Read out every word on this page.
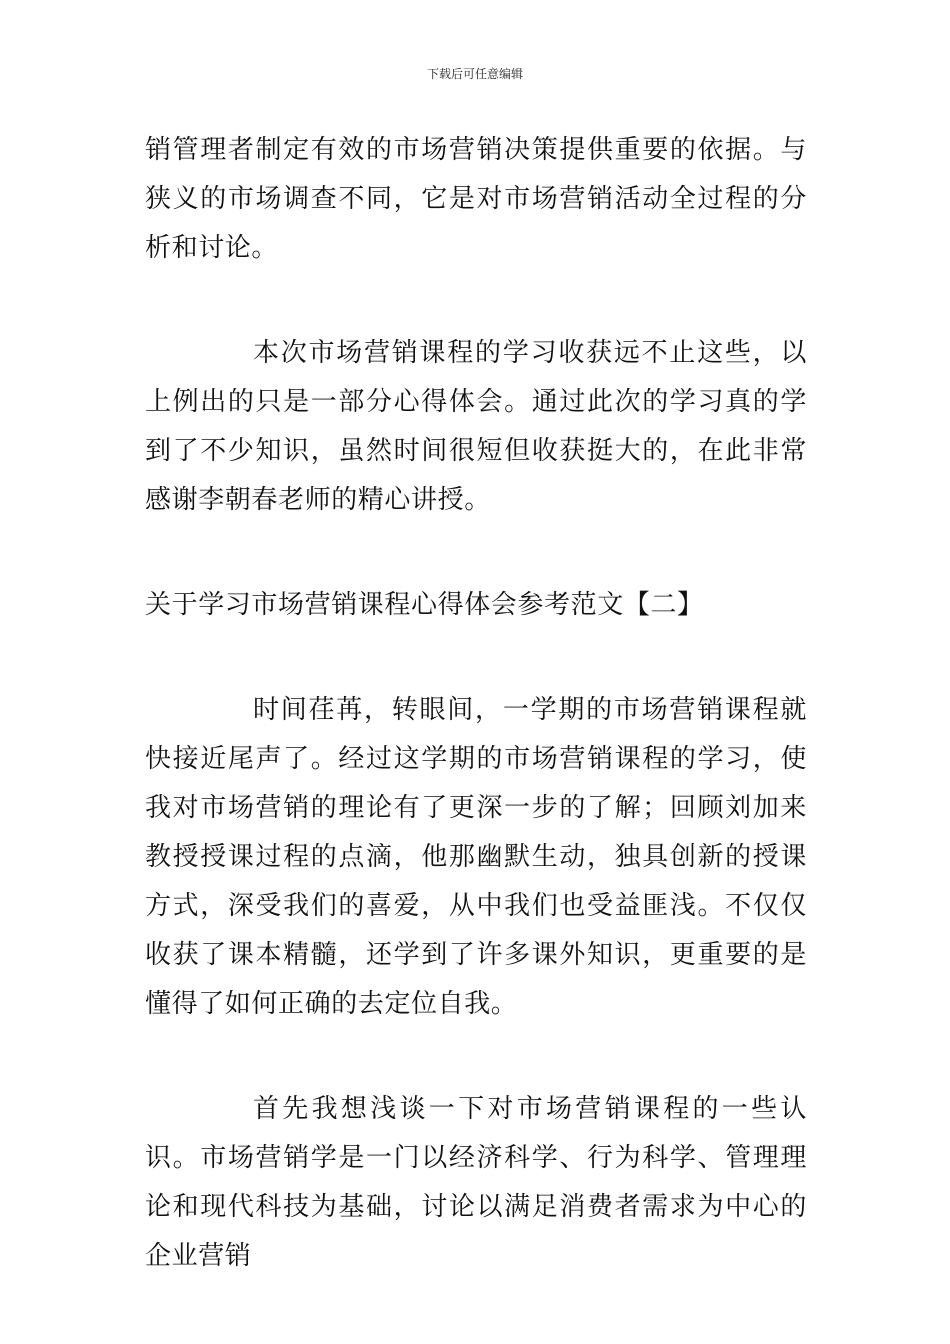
下载后可任意编辑

销管理者制定有效的市场营销决策提供重要的依据。与狭义的市场调查不同，它是对市场营销活动全过程的分析和讨论。

本次市场营销课程的学习收获远不止这些，以上例出的只是一部分心得体会。通过此次的学习真的学到了不少知识，虽然时间很短但收获挺大的，在此非常感谢李朝春老师的精心讲授。

关于学习市场营销课程心得体会参考范文【二】

时间荏苒，转眼间，一学期的市场营销课程就快接近尾声了。经过这学期的市场营销课程的学习，使我对市场营销的理论有了更深一步的了解；回顾刘加来教授授课过程的点滴，他那幽默生动，独具创新的授课方式，深受我们的喜爱，从中我们也受益匪浅。不仅仅收获了课本精髓，还学到了许多课外知识，更重要的是懂得了如何正确的去定位自我。

首先我想浅谈一下对市场营销课程的一些认识。市场营销学是一门以经济科学、行为科学、管理理论和现代科技为基础，讨论以满足消费者需求为中心的企业营销
